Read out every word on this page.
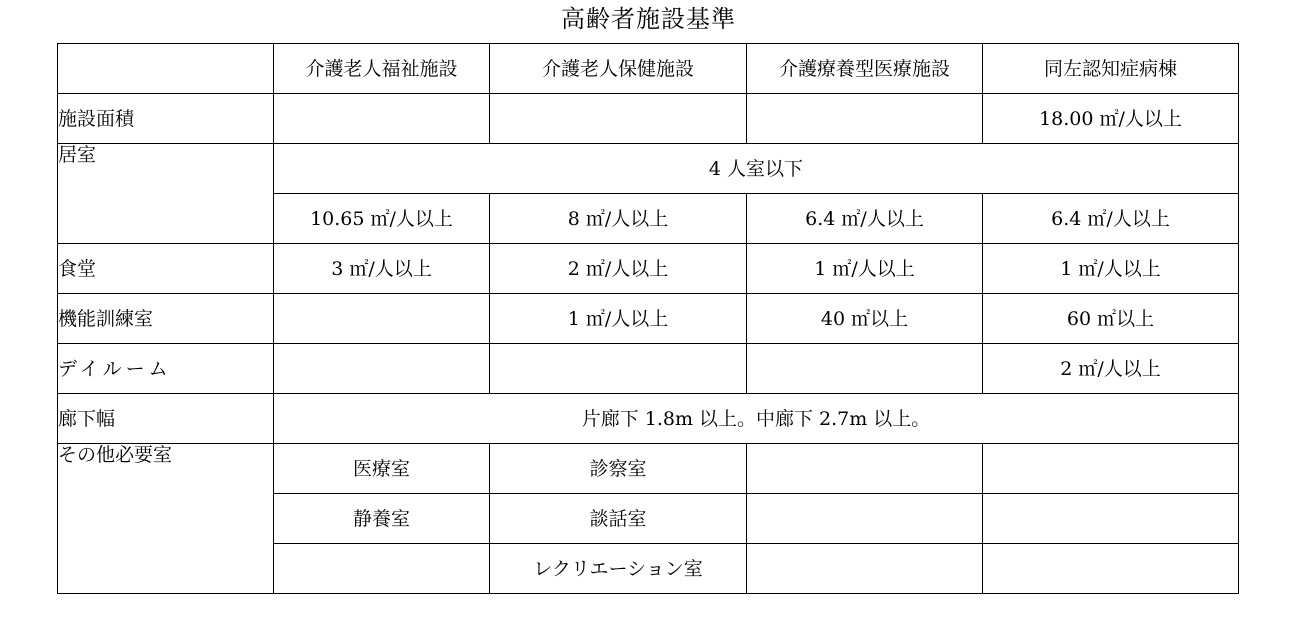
高齢者施設基準
	介護老人福祉施設	介護老人保健施設	介護療養型医療施設	同左認知症病棟
施設面積				18.00 ㎡/人以上
居室	4 人室以下			
	10.65 ㎡/人以上	8 ㎡/人以上	6.4 ㎡/人以上	6.4 ㎡/人以上
食堂	3 ㎡/人以上	2 ㎡/人以上	1 ㎡/人以上	1 ㎡/人以上
機能訓練室		1 ㎡/人以上	40 ㎡以上	60 ㎡以上
デイルーム				2 ㎡/人以上
廊下幅	片廊下 1.8m 以上。中廊下 2.7m 以上。			
その他必要室	医療室	診察室		
	静養室	談話室		
		レクリエーション室		
